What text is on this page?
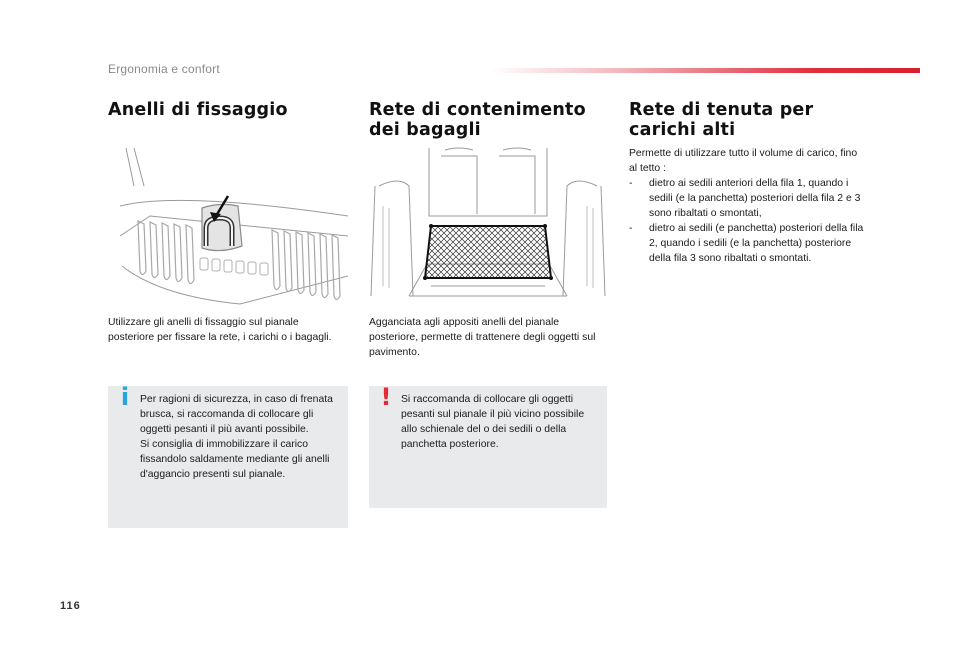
Ergonomia e confort
Anelli di fissaggio
Utilizzare gli anelli di fissaggio sul pianale posteriore per fissare la rete, i carichi o i bagagli.
i	Per ragioni di sicurezza, in caso di frenata brusca, si raccomanda di collocare gli oggetti pesanti il più avanti possibile.
Si consiglia di immobilizzare il carico fissandolo saldamente mediante gli anelli d'aggancio presenti sul pianale.
Rete di contenimento dei bagagli
Agganciata agli appositi anelli del pianale posteriore, permette di trattenere degli oggetti sul pavimento.
! Si raccomanda di collocare gli oggetti pesanti sul pianale il più vicino possibile allo schienale del o dei sedili o della panchetta posteriore.
Rete di tenuta per carichi alti
Permette di utilizzare tutto il volume di carico, fino al tetto :
-	dietro ai sedili anteriori della fila 1, quando i sedili (e la panchetta) posteriori della fila 2 e 3 sono ribaltati o smontati,
-	dietro ai sedili (e panchetta) posteriori della fila 2, quando i sedili (e la panchetta) posteriore della fila 3 sono ribaltati o smontati.
116
